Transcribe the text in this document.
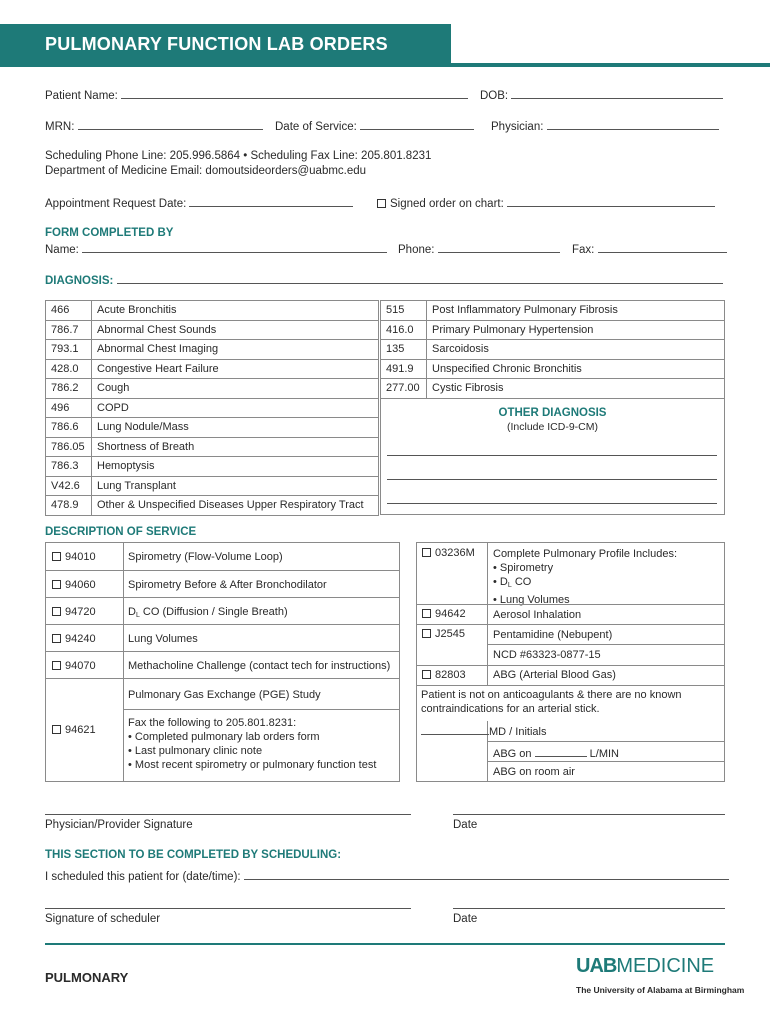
PULMONARY FUNCTION LAB ORDERS
Patient Name:	DOB:
MRN:	Date of Service:	Physician:
Scheduling Phone Line: 205.996.5864 • Scheduling Fax Line: 205.801.8231
Department of Medicine Email: domoutsideorders@uabmc.edu
Appointment Request Date:	Signed order on chart:
FORM COMPLETED BY
Name:	Phone:	Fax:
DIAGNOSIS:
466	Acute Bronchitis
786.7	Abnormal Chest Sounds
793.1	Abnormal Chest Imaging
428.0	Congestive Heart Failure
786.2	Cough
496	COPD
786.6	Lung Nodule/Mass
786.05	Shortness of Breath
786.3	Hemoptysis
V42.6	Lung Transplant
478.9	Other & Unspecified Diseases Upper Respiratory Tract
515	Post Inflammatory Pulmonary Fibrosis
416.0	Primary Pulmonary Hypertension
135	Sarcoidosis
491.9	Unspecified Chronic Bronchitis
277.00	Cystic Fibrosis
OTHER DIAGNOSIS
(Include ICD-9-CM)
DESCRIPTION OF SERVICE
94010	Spirometry (Flow-Volume Loop)
94060	Spirometry Before & After Bronchodilator
94720	$D_L$ CO (Diffusion / Single Breath)
94240	Lung Volumes
94070	Methacholine Challenge (contact tech for instructions)
Pulmonary Gas Exchange (PGE) Study
94621
Fax the following to 205.801.8231:
• Completed pulmonary lab orders form
• Last pulmonary clinic note
• Most recent spirometry or pulmonary function test
03236M Complete Pulmonary Profile Includes:
• Spirometry
• $D_L$ CO
• Lung Volumes
94642 Aerosol Inhalation
J2545	Pentamidine (Nebupent)
NCD #63323-0877-15
82803 ABG (Arterial Blood Gas)
Patient is not on anticoagulants & there are no known contraindications for an arterial stick.
MD / Initials
ABG on	L/MIN
ABG on room air
Physician/Provider Signature	Date
THIS SECTION TO BE COMPLETED BY SCHEDULING:
I scheduled this patient for (date/time):
Signature of scheduler	Date
PULMONARY
UABMEDICINE
The University of Alabama at Birmingham
